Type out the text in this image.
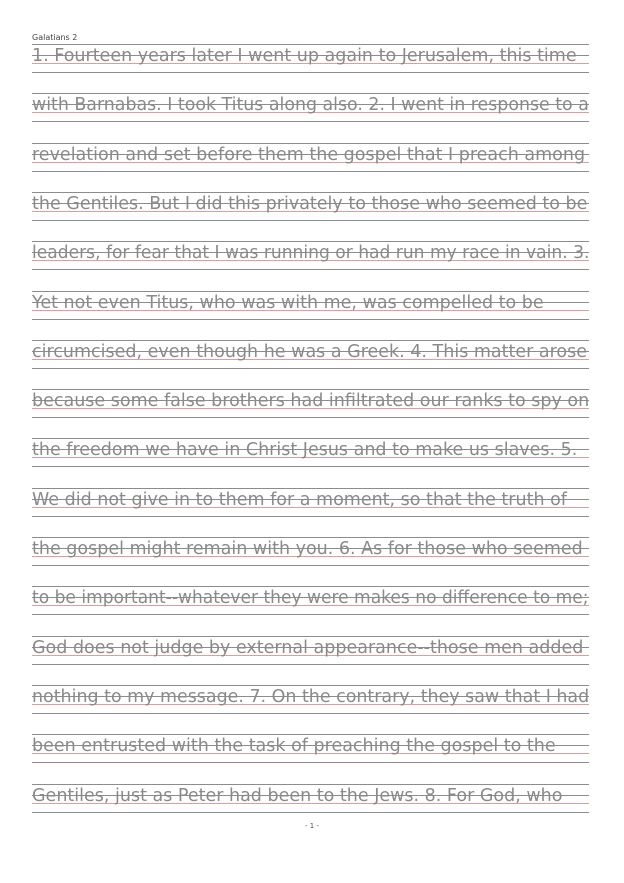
Galatians 2
1. Fourteen years later I went up again to Jerusalem, this time
with Barnabas. I took Titus along also. 2. I went in response to a
revelation and set before them the gospel that I preach among
the Gentiles. But I did this privately to those who seemed to be
leaders, for fear that I was running or had run my race in vain. 3.
Yet not even Titus, who was with me, was compelled to be
circumcised, even though he was a Greek. 4. This matter arose
because some false brothers had infiltrated our ranks to spy on
the freedom we have in Christ Jesus and to make us slaves. 5.
We did not give in to them for a moment, so that the truth of
the gospel might remain with you. 6. As for those who seemed
to be important--whatever they were makes no difference to me;
God does not judge by external appearance--those men added
nothing to my message. 7. On the contrary, they saw that I had
been entrusted with the task of preaching the gospel to the
Gentiles, just as Peter had been to the Jews. 8. For God, who
- 1 -
